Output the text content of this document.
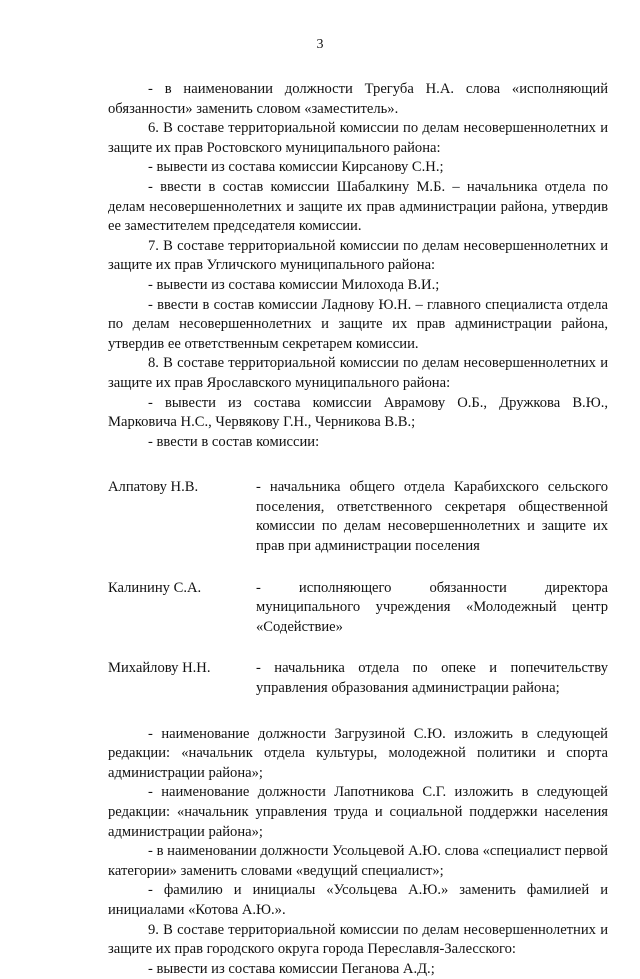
3

- в наименовании должности Трегуба Н.А. слова «исполняющий обязанности» заменить словом «заместитель».

6. В составе территориальной комиссии по делам несовершеннолетних и защите их прав Ростовского муниципального района:

- вывести из состава комиссии Кирсанову С.Н.;

- ввести в состав комиссии Шабалкину М.Б. – начальника отдела по делам несовершеннолетних и защите их прав администрации района, утвердив ее заместителем председателя комиссии.

7. В составе территориальной комиссии по делам несовершеннолетних и защите их прав Угличского муниципального района:

- вывести из состава комиссии Милохода В.И.;

- ввести в состав комиссии Ладнову Ю.Н. – главного специалиста отдела по делам несовершеннолетних и защите их прав администрации района, утвердив ее ответственным секретарем комиссии.

8. В составе территориальной комиссии по делам несовершеннолетних и защите их прав Ярославского муниципального района:

- вывести из состава комиссии Аврамову О.Б., Дружкова В.Ю., Марковича Н.С., Червякову Г.Н., Черникова В.В.;

- ввести в состав комиссии:

Алпатову Н.В.	- начальника общего отдела Карабихского сельского поселения, ответственного секретаря общественной комиссии по делам несовершеннолетних и защите их прав при администрации поселения
Калинину С.А.	- исполняющего обязанности директора муниципального учреждения «Молодежный центр «Содействие»
Михайлову Н.Н.	- начальника отдела по опеке и попечительству управления образования администрации района;

- наименование должности Загрузиной С.Ю. изложить в следующей редакции: «начальник отдела культуры, молодежной политики и спорта администрации района»;

- наименование должности Лапотникова С.Г. изложить в следующей редакции: «начальник управления труда и социальной поддержки населения администрации района»;

- в наименовании должности Усольцевой А.Ю. слова «специалист первой категории» заменить словами «ведущий специалист»;

- фамилию и инициалы «Усольцева А.Ю.» заменить фамилией и инициалами «Котова А.Ю.».

9. В составе территориальной комиссии по делам несовершеннолетних и защите их прав городского округа города Переславля-Залесского:

- вывести из состава комиссии Пеганова А.Д.;
